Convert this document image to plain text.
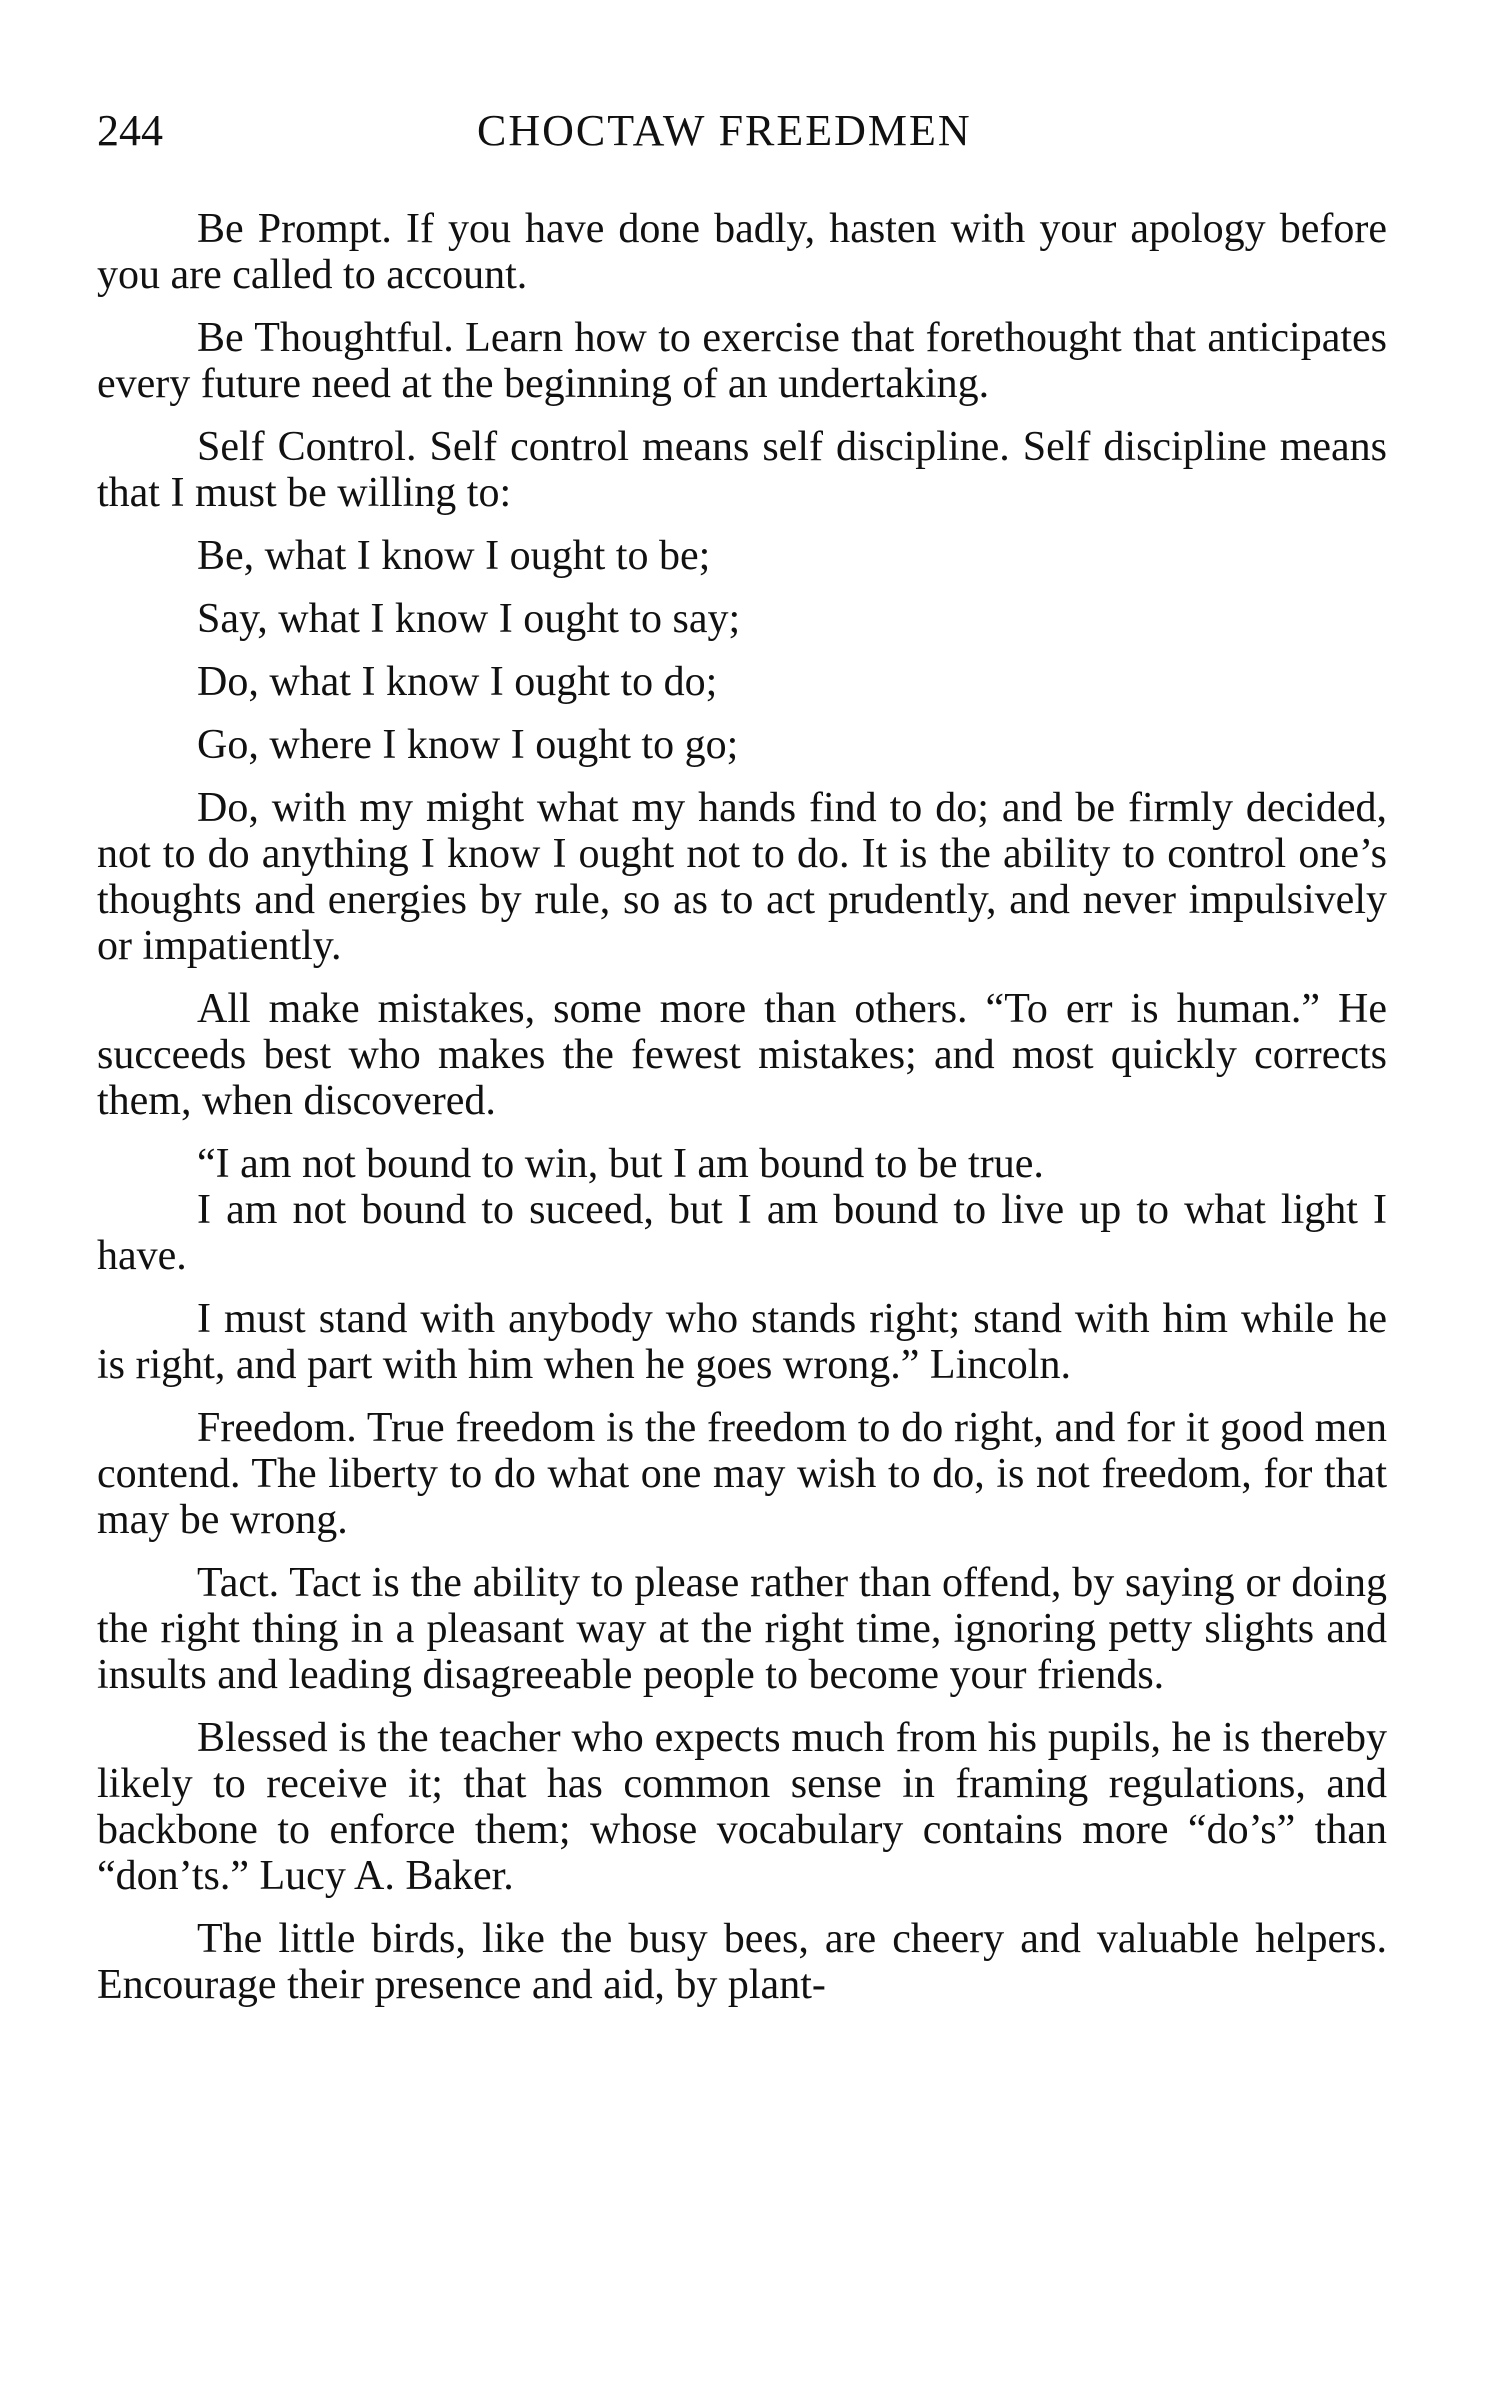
244	CHOCTAW FREEDMEN

Be Prompt. If you have done badly, hasten with your apology before you are called to account.

Be Thoughtful. Learn how to exercise that forethought that anticipates every future need at the beginning of an undertaking.

Self Control. Self control means self discipline. Self discipline means that I must be willing to:

Be, what I know I ought to be;

Say, what I know I ought to say;

Do, what I know I ought to do;

Go, where I know I ought to go;

Do, with my might what my hands find to do; and be firmly decided, not to do anything I know I ought not to do. It is the ability to control one’s thoughts and energies by rule, so as to act prudently, and never impulsively or impatiently.

All make mistakes, some more than others. “To err is human.” He succeeds best who makes the fewest mistakes; and most quickly corrects them, when discovered.

“I am not bound to win, but I am bound to be true.

I am not bound to suceed, but I am bound to live up to what light I have.

I must stand with anybody who stands right; stand with him while he is right, and part with him when he goes wrong.” Lincoln.

Freedom. True freedom is the freedom to do right, and for it good men contend. The liberty to do what one may wish to do, is not freedom, for that may be wrong.

Tact. Tact is the ability to please rather than offend, by saying or doing the right thing in a pleasant way at the right time, ignoring petty slights and insults and leading disagreeable people to become your friends.

Blessed is the teacher who expects much from his pupils, he is thereby likely to receive it; that has common sense in framing regulations, and backbone to enforce them; whose vocabulary contains more “do’s” than “don’ts.” Lucy A. Baker.

The little birds, like the busy bees, are cheery and valuable helpers. Encourage their presence and aid, by plant-
